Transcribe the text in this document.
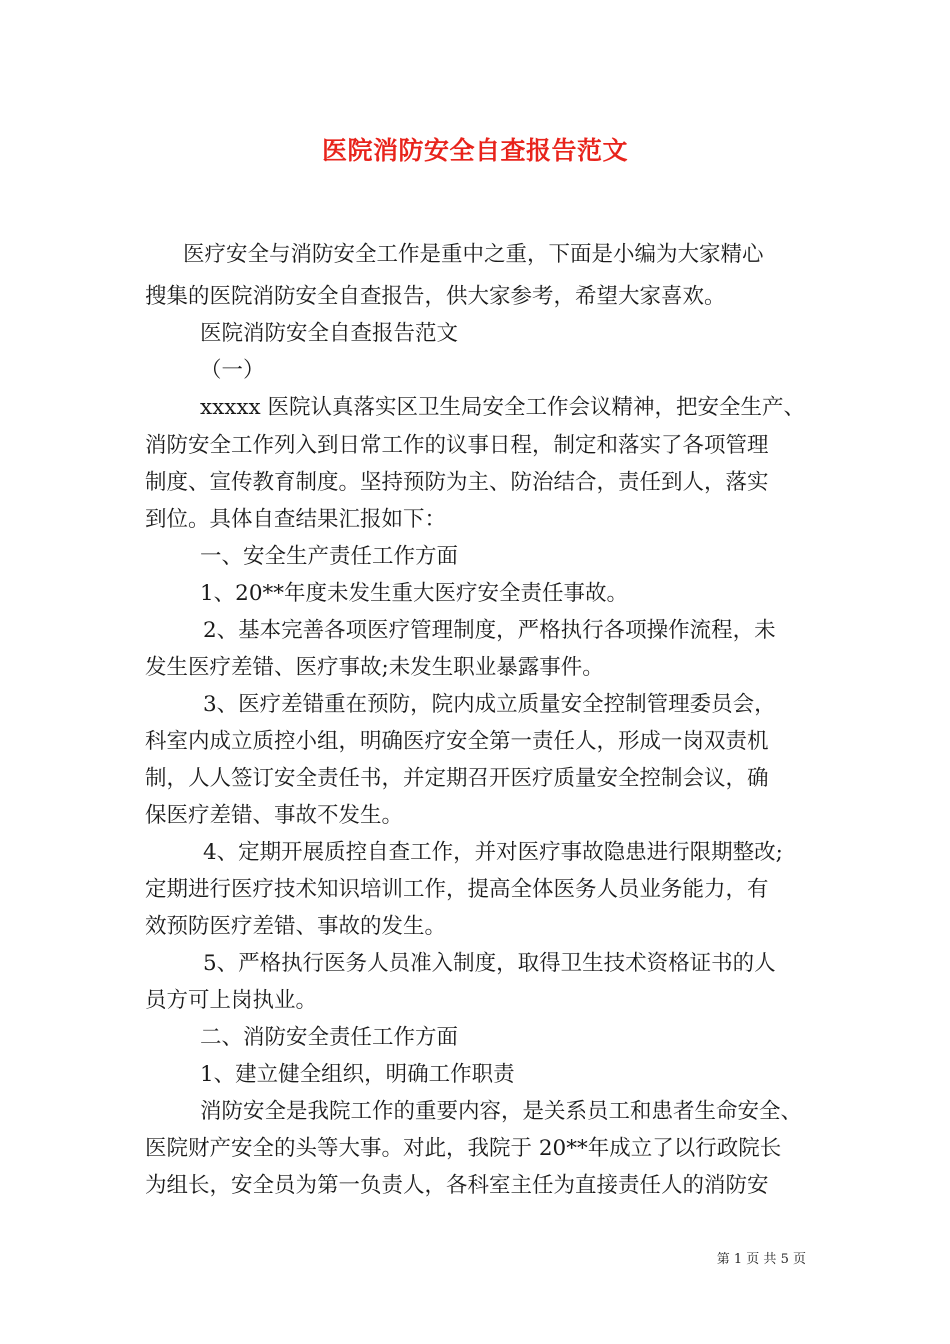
医院消防安全自查报告范文
医疗安全与消防安全工作是重中之重，下面是小编为大家精心
搜集的医院消防安全自查报告，供大家参考，希望大家喜欢。
医院消防安全自查报告范文
（一）
xxxxx 医院认真落实区卫生局安全工作会议精神，把安全生产、
消防安全工作列入到日常工作的议事日程，制定和落实了各项管理
制度、宣传教育制度。坚持预防为主、防治结合，责任到人，落实
到位。具体自查结果汇报如下：
一、安全生产责任工作方面
1、20**年度未发生重大医疗安全责任事故。
2、基本完善各项医疗管理制度，严格执行各项操作流程，未
发生医疗差错、医疗事故;未发生职业暴露事件。
3、医疗差错重在预防，院内成立质量安全控制管理委员会，
科室内成立质控小组，明确医疗安全第一责任人，形成一岗双责机
制，人人签订安全责任书，并定期召开医疗质量安全控制会议，确
保医疗差错、事故不发生。
4、定期开展质控自查工作，并对医疗事故隐患进行限期整改;
定期进行医疗技术知识培训工作，提高全体医务人员业务能力，有
效预防医疗差错、事故的发生。
5、严格执行医务人员准入制度，取得卫生技术资格证书的人
员方可上岗执业。
二、消防安全责任工作方面
1、建立健全组织，明确工作职责
消防安全是我院工作的重要内容，是关系员工和患者生命安全、
医院财产安全的头等大事。对此，我院于 20**年成立了以行政院长
为组长，安全员为第一负责人，各科室主任为直接责任人的消防安
第 1 页 共 5 页
